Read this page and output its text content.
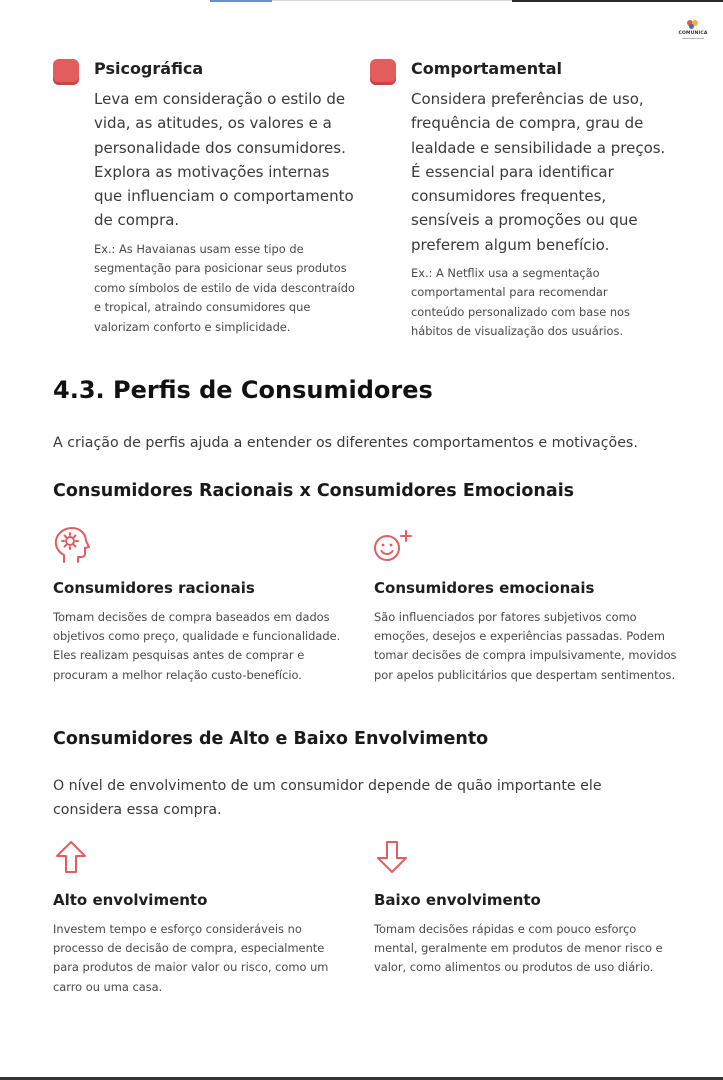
COMUNICA
Psicográfica

Leva em consideração o estilo de vida, as atitudes, os valores e a personalidade dos consumidores. Explora as motivações internas que influenciam o comportamento de compra.

Ex.: As Havaianas usam esse tipo de segmentação para posicionar seus produtos como símbolos de estilo de vida descontraído e tropical, atraindo consumidores que valorizam conforto e simplicidade.

Comportamental

Considera preferências de uso, frequência de compra, grau de lealdade e sensibilidade a preços. É essencial para identificar consumidores frequentes, sensíveis a promoções ou que preferem algum benefício.

Ex.: A Netflix usa a segmentação comportamental para recomendar conteúdo personalizado com base nos hábitos de visualização dos usuários.

4.3. Perfis de Consumidores

A criação de perfis ajuda a entender os diferentes comportamentos e motivações.

Consumidores Racionais x Consumidores Emocionais
Consumidores racionais

Tomam decisões de compra baseados em dados objetivos como preço, qualidade e funcionalidade. Eles realizam pesquisas antes de comprar e procuram a melhor relação custo-benefício.

Consumidores emocionais

São influenciados por fatores subjetivos como emoções, desejos e experiências passadas. Podem tomar decisões de compra impulsivamente, movidos por apelos publicitários que despertam sentimentos.

Consumidores de Alto e Baixo Envolvimento

O nível de envolvimento de um consumidor depende de quão importante ele considera essa compra.

Alto envolvimento

Investem tempo e esforço consideráveis no processo de decisão de compra, especialmente para produtos de maior valor ou risco, como um carro ou uma casa.

Baixo envolvimento

Tomam decisões rápidas e com pouco esforço mental, geralmente em produtos de menor risco e valor, como alimentos ou produtos de uso diário.
